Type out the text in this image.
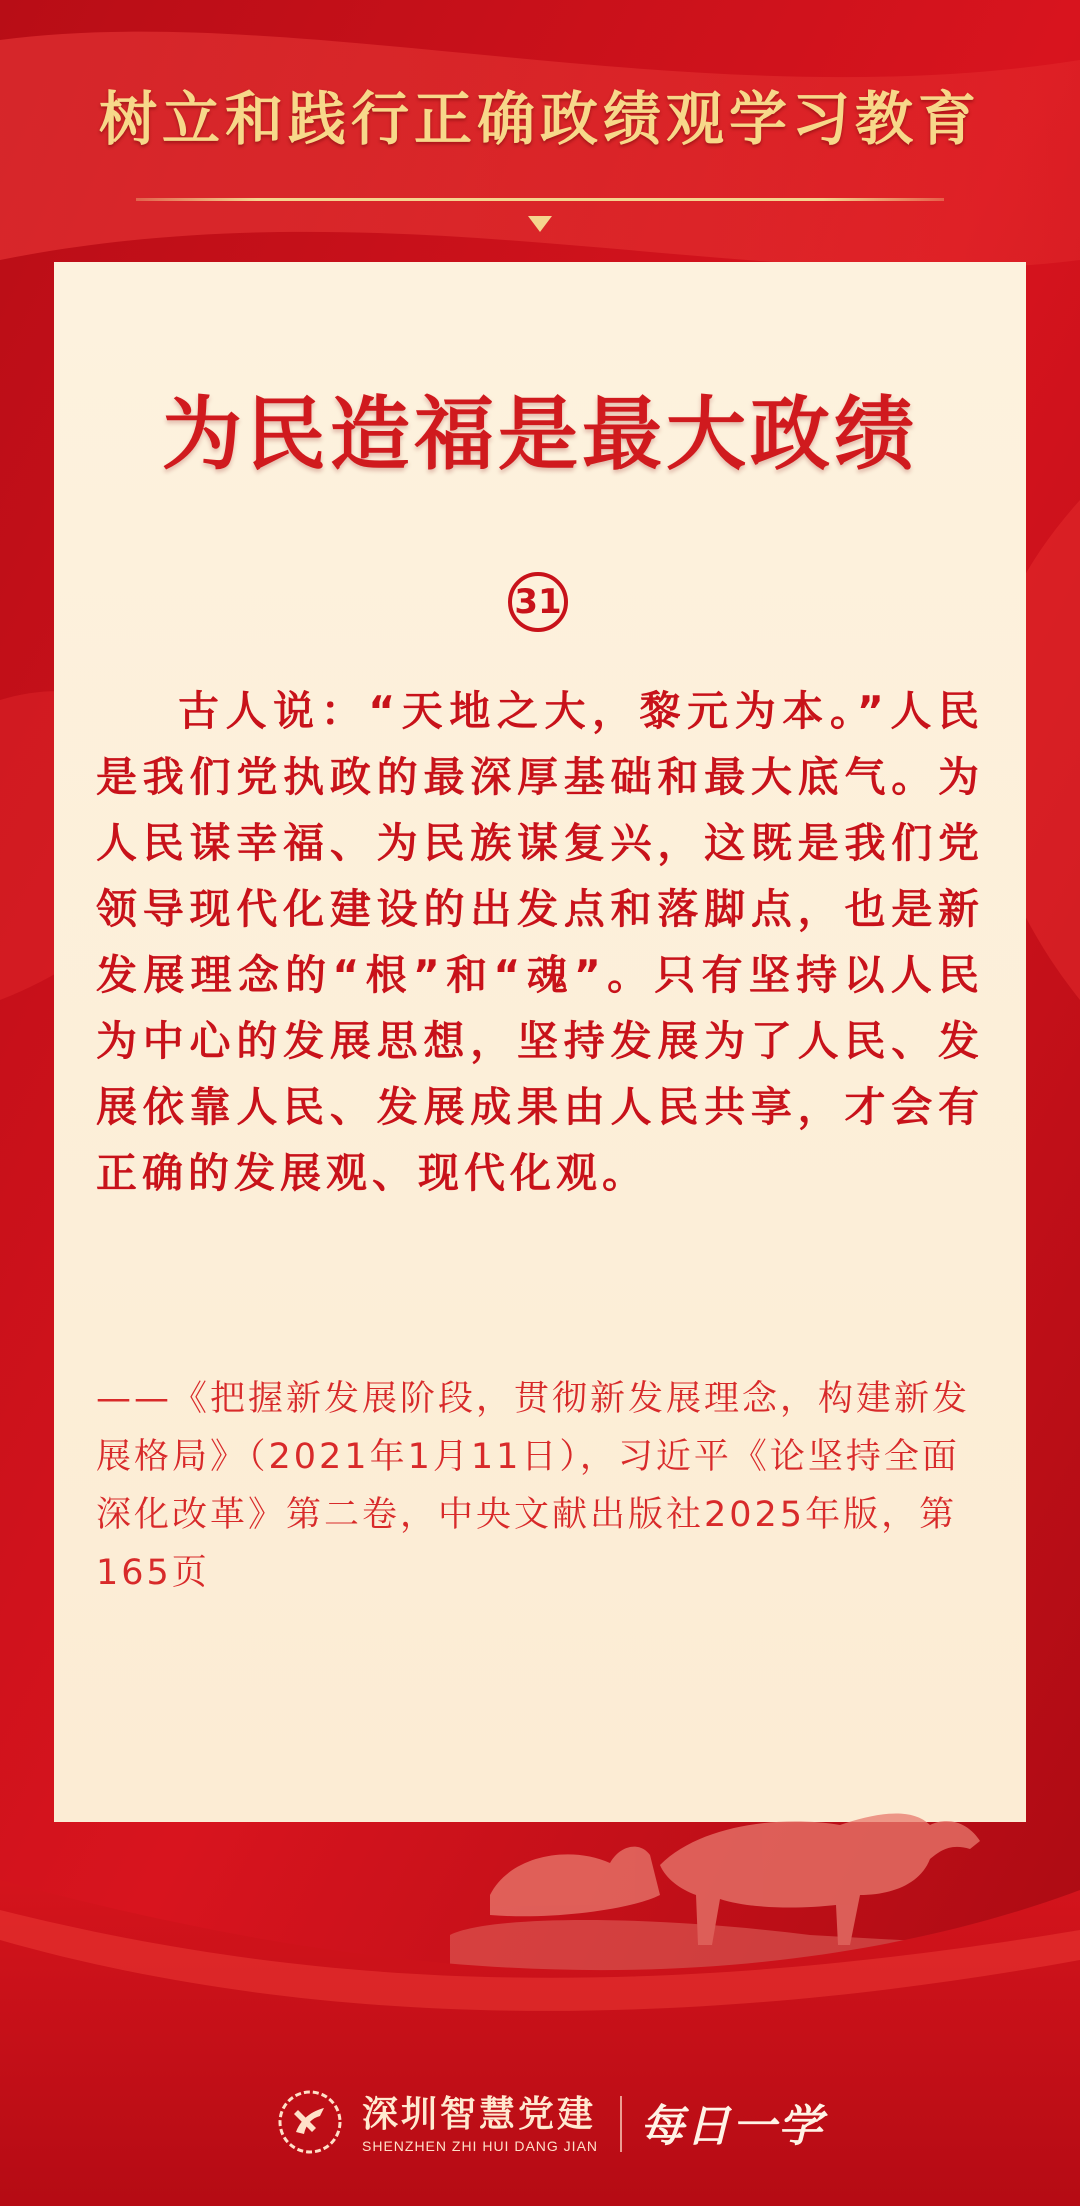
树立和践行正确政绩观学习教育
为民造福是最大政绩
31
古人说：“天地之大，黎元为本。”人民是我们党执政的最深厚基础和最大底气。为人民谋幸福、为民族谋复兴，这既是我们党领导现代化建设的出发点和落脚点，也是新发展理念的“根”和“魂”。只有坚持以人民为中心的发展思想，坚持发展为了人民、发展依靠人民、发展成果由人民共享，才会有正确的发展观、现代化观。
——《把握新发展阶段，贯彻新发展理念，构建新发展格局》（2021年1月11日），习近平《论坚持全面深化改革》第二卷，中央文献出版社2025年版，第165页
深圳智慧党建
SHENZHEN ZHI HUI DANG JIAN 每日一学
